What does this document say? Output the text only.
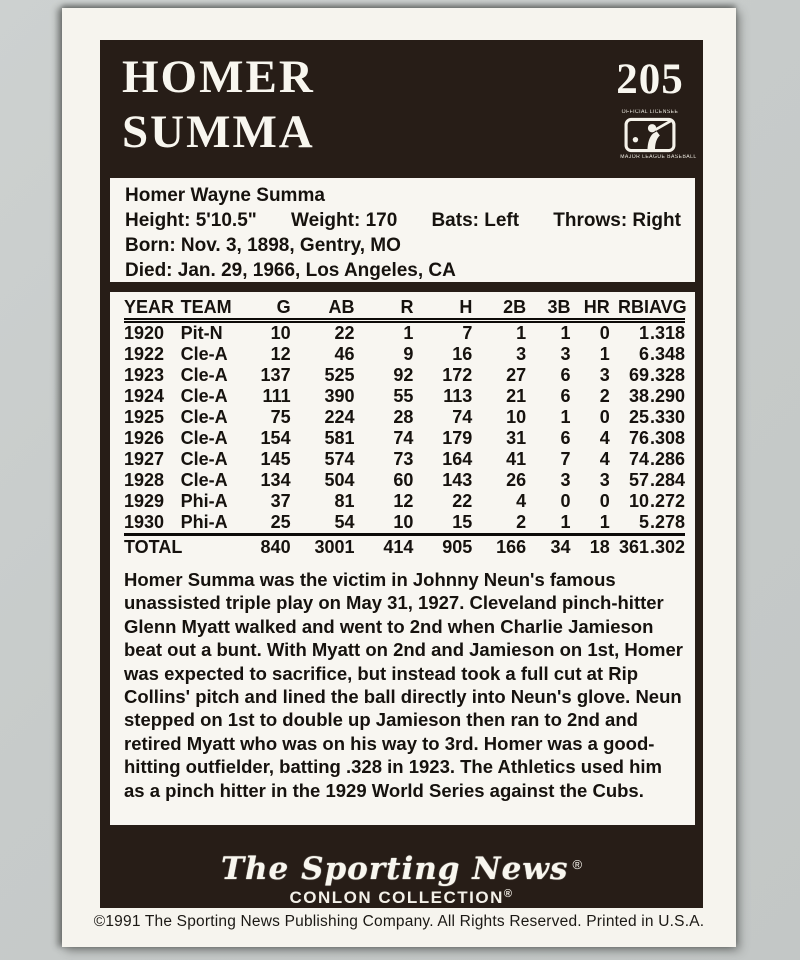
HOMER
SUMMA
205
OFFICIAL LICENSEE
MAJOR LEAGUE BASEBALL
Homer Wayne Summa
Height: 5'10.5" Weight: 170 Bats: Left Throws: Right
Born: Nov. 3, 1898, Gentry, MO
Died: Jan. 29, 1966, Los Angeles, CA
YEAR	TEAM	G	AB	R	H	2B	3B	HR	RBI	AVG
1920	Pit-N	10	22	1	7	1	1	0	1	.318
1922	Cle-A	12	46	9	16	3	3	1	6	.348
1923	Cle-A	137	525	92	172	27	6	3	69	.328
1924	Cle-A	111	390	55	113	21	6	2	38	.290
1925	Cle-A	75	224	28	74	10	1	0	25	.330
1926	Cle-A	154	581	74	179	31	6	4	76	.308
1927	Cle-A	145	574	73	164	41	7	4	74	.286
1928	Cle-A	134	504	60	143	26	3	3	57	.284
1929	Phi-A	37	81	12	22	4	0	0	10	.272
1930	Phi-A	25	54	10	15	2	1	1	5	.278
TOTAL		840	3001	414	905	166	34	18	361	.302

Homer Summa was the victim in Johnny Neun's famous unassisted triple play on May 31, 1927. Cleveland pinch-hitter Glenn Myatt walked and went to 2nd when Charlie Jamieson beat out a bunt. With Myatt on 2nd and Jamieson on 1st, Homer was expected to sacrifice, but instead took a full cut at Rip Collins' pitch and lined the ball directly into Neun's glove. Neun stepped on 1st to double up Jamieson then ran to 2nd and retired Myatt who was on his way to 3rd. Homer was a good-hitting outfielder, batting .328 in 1923. The Athletics used him as a pinch hitter in the 1929 World Series against the Cubs.

The Sporting News ®
CONLON COLLECTION®
©1991 The Sporting News Publishing Company. All Rights Reserved. Printed in U.S.A.
